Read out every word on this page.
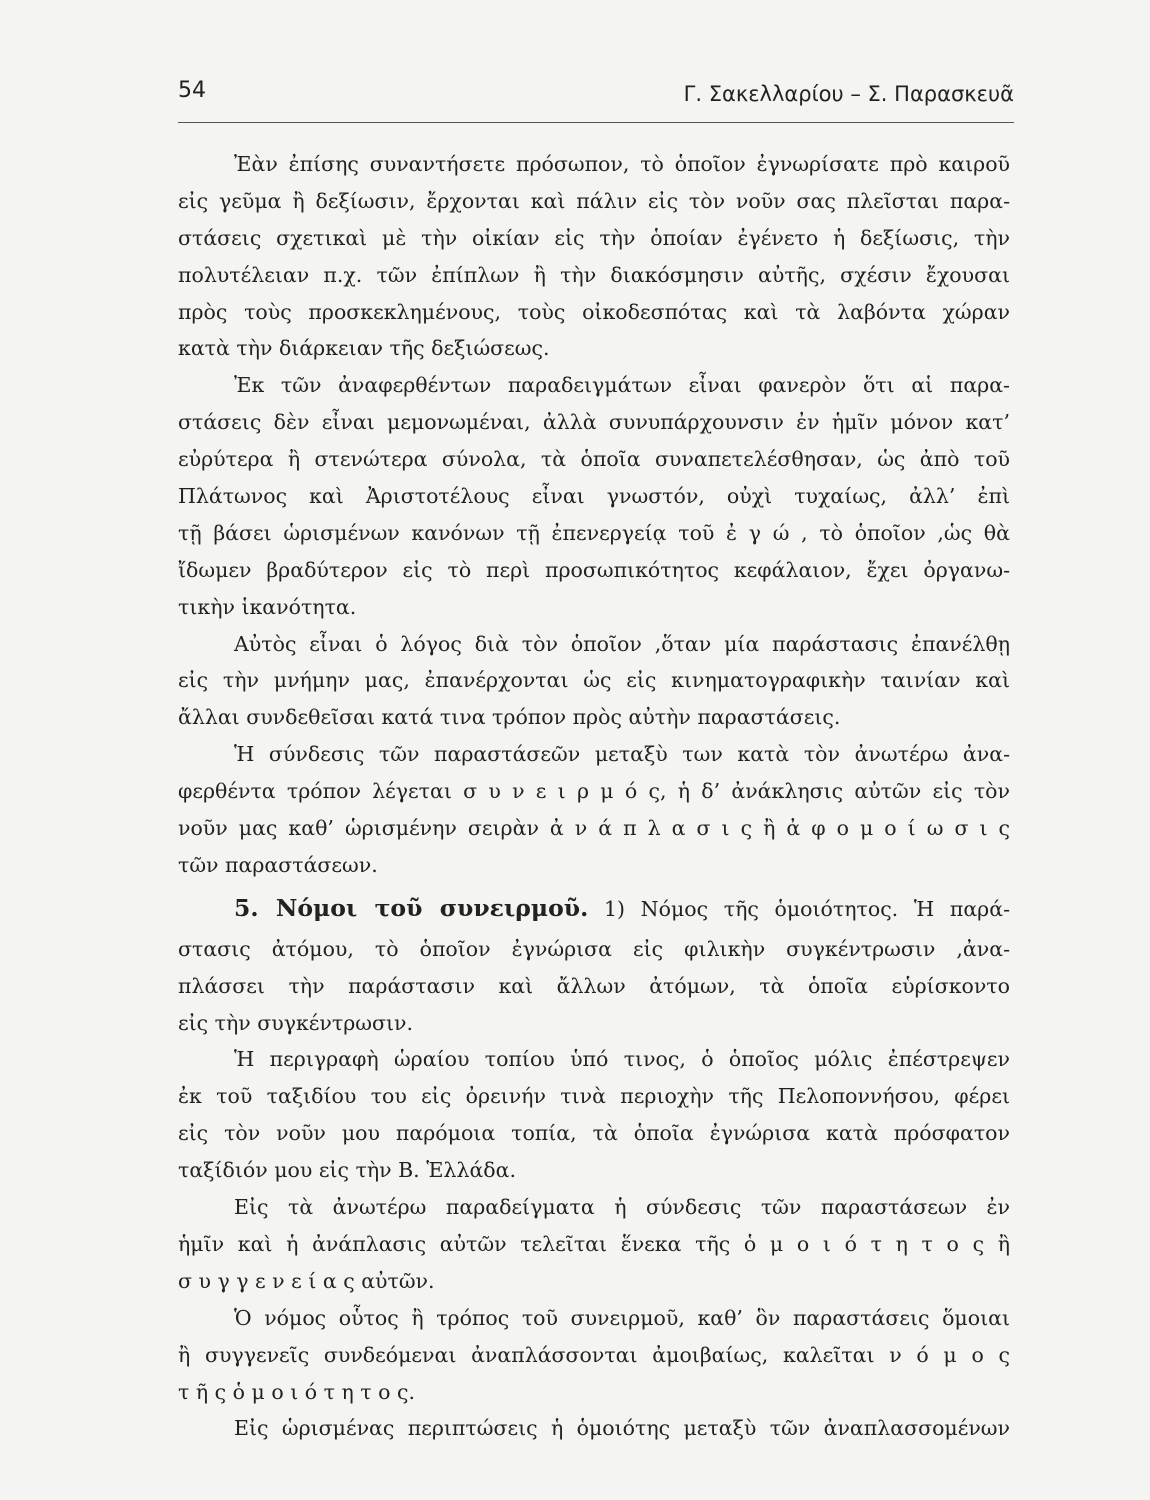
54	Γ. Σακελλαρίου – Σ. Παρασκευᾶ
Ἐὰν ἐπίσης συναντήσετε πρόσωπον, τὸ ὁποῖον ἐγνωρίσατε πρὸ καιροῦ
εἰς γεῦμα ἢ δεξίωσιν, ἔρχονται καὶ πάλιν εἰς τὸν νοῦν σας πλεῖσται παρα-
στάσεις σχετικαὶ μὲ τὴν οἰκίαν εἰς τὴν ὁποίαν ἐγένετο ἡ δεξίωσις, τὴν
πολυτέλειαν π.χ. τῶν ἐπίπλων ἢ τὴν διακόσμησιν αὐτῆς, σχέσιν ἔχουσαι
πρὸς τοὺς προσκεκλημένους, τοὺς οἰκοδεσπότας καὶ τὰ λαβόντα χώραν
κατὰ τὴν διάρκειαν τῆς δεξιώσεως.
Ἐκ τῶν ἀναφερθέντων παραδειγμάτων εἶναι φανερὸν ὅτι αἱ παρα-
στάσεις δὲν εἶναι μεμονωμέναι, ἀλλὰ συνυπάρχουνσιν ἐν ἡμῖν μόνον κατ’
εὐρύτερα ἢ στενώτερα σύνολα, τὰ ὁποῖα συναπετελέσθησαν, ὡς ἀπὸ τοῦ
Πλάτωνος καὶ Ἀριστοτέλους εἶναι γνωστόν, οὐχὶ τυχαίως, ἀλλ’ ἐπὶ
τῇ βάσει ὡρισμένων κανόνων τῇ ἐπενεργείᾳ τοῦ ἐ γ ώ , τὸ ὁποῖον ,ὡς θὰ
ἴδωμεν βραδύτερον εἰς τὸ περὶ προσωπικότητος κεφάλαιον, ἔχει ὀργανω-
τικὴν ἱκανότητα.
Αὐτὸς εἶναι ὁ λόγος διὰ τὸν ὁποῖον ,ὅταν μία παράστασις ἐπανέλθῃ
εἰς τὴν μνήμην μας, ἐπανέρχονται ὡς εἰς κινηματογραφικὴν ταινίαν καὶ
ἄλλαι συνδεθεῖσαι κατά τινα τρόπον πρὸς αὐτὴν παραστάσεις.
Ἡ σύνδεσις τῶν παραστάσεῶν μεταξὺ των κατὰ τὸν ἀνωτέρω ἀνα-
φερθέντα τρόπον λέγεται σ υ ν ε ι ρ μ ό ς, ἡ δ’ ἀνάκλησις αὐτῶν εἰς τὸν
νοῦν μας καθ’ ὡρισμένην σειρὰν ἀ ν ά π λ α σ ι ς ἢ ἀ φ ο μ ο ί ω σ ι ς
τῶν παραστάσεων.
5. Νόμοι τοῦ συνειρμοῦ. 1) Νόμος τῆς ὁμοιότητος. Ἡ παρά-
στασις ἀτόμου, τὸ ὁποῖον ἐγνώρισα εἰς φιλικὴν συγκέντρωσιν ,ἀνα-
πλάσσει τὴν παράστασιν καὶ ἄλλων ἀτόμων, τὰ ὁποῖα εὑρίσκοντο
εἰς τὴν συγκέντρωσιν.
Ἡ περιγραφὴ ὡραίου τοπίου ὑπό τινος, ὁ ὁποῖος μόλις ἐπέστρεψεν
ἐκ τοῦ ταξιδίου του εἰς ὀρεινήν τινὰ περιοχὴν τῆς Πελοποννήσου, φέρει
εἰς τὸν νοῦν μου παρόμοια τοπία, τὰ ὁποῖα ἐγνώρισα κατὰ πρόσφατον
ταξίδιόν μου εἰς τὴν Β. Ἑλλάδα.
Εἰς τὰ ἀνωτέρω παραδείγματα ἡ σύνδεσις τῶν παραστάσεων ἐν
ἡμῖν καὶ ἡ ἀνάπλασις αὐτῶν τελεῖται ἕνεκα τῆς ὁ μ ο ι ό τ η τ ο ς ἢ
σ υ γ γ ε ν ε ί α ς αὐτῶν.
Ὁ νόμος οὗτος ἢ τρόπος τοῦ συνειρμοῦ, καθ’ ὃν παραστάσεις ὅμοιαι
ἢ συγγενεῖς συνδεόμεναι ἀναπλάσσονται ἀμοιβαίως, καλεῖται ν ό μ ο ς
τ ῆ ς ὁ μ ο ι ό τ η τ ο ς.
Εἰς ὡρισμένας περιπτώσεις ἡ ὁμοιότης μεταξὺ τῶν ἀναπλασσομένων
